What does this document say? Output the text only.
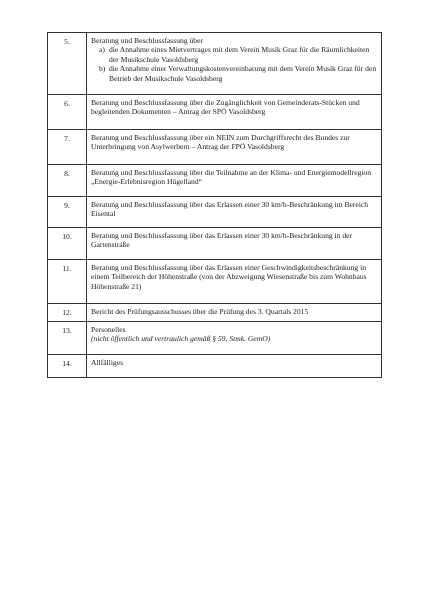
5.	Beratung und Beschlussfassung über
a) die Annahme eines Mietvertrages mit dem Verein Musik Graz für die Räumlichkeiten der Musikschule Vasoldsberg
b) die Annahme einer Verwaltungskostenvereinbarung mit dem Verein Musik Graz für den Betrieb der Musikschule Vasoldsberg

6.	Beratung und Beschlussfassung über die Zugänglichkeit von Gemeinderats-Stücken und begleitenden Dokumenten – Antrag der SPÖ Vasoldsberg
7.	Beratung und Beschlussfassung über ein NEIN zum Durchgriffsrecht des Bundes zur Unterbringung von Asylwerbern – Antrag der FPÖ Vasoldsberg
8.	Beratung und Beschlussfassung über die Teilnahme an der Klima- und Energiemodellregion „Energie-Erlebnisregion Hügelland“
9.	Beratung und Beschlussfassung über das Erlassen einer 30 km/h-Beschränkung im Bereich Eisental
10.	Beratung und Beschlussfassung über das Erlassen einer 30 km/h-Beschränkung in der Gartenstraße
11.	Beratung und Beschlussfassung über das Erlassen einer Geschwindigkeitsbeschränkung in einem Teilbereich der Höhenstraße (von der Abzweigung Wiesenstraße bis zum Wohnhaus Höhenstraße 21)
12.	Bericht des Prüfungsausschusses über die Prüfung des 3. Quartals 2015
13.	Personelles
(nicht öffentlich und vertraulich gemäß § 59, Stmk. GemO)

14.	Allfälliges
